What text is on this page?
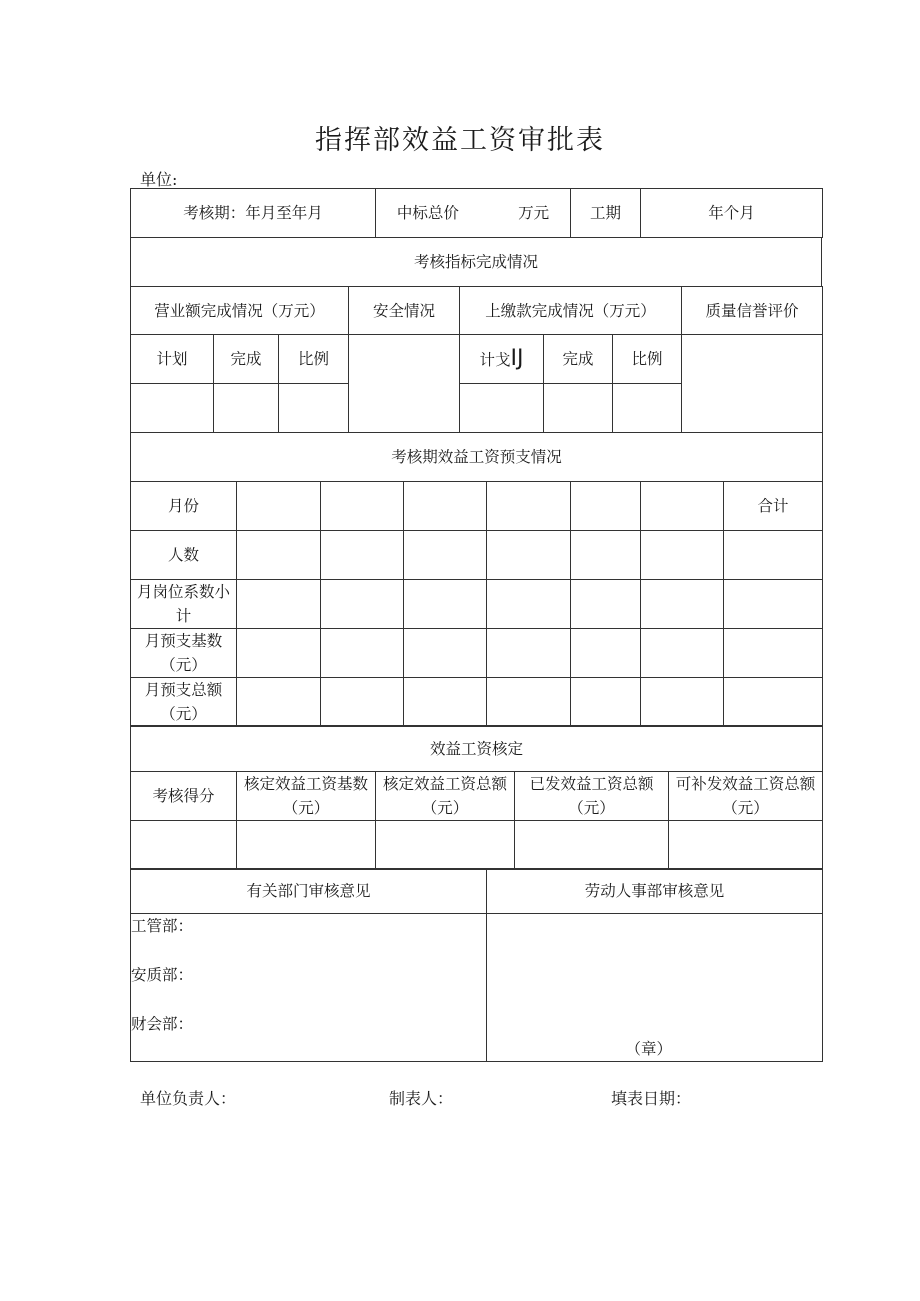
指挥部效益工资审批表
单位:
考核期：年月至年月	中标总价	万元	工期	年个月
考核指标完成情况
营业额完成情况（万元）			安全情况	上缴款完成情况（万元）			质量信誉评价
计划	完成	比例		计戈IJ	完成	比例	

考核期效益工资预支情况							
月份							合计
人数							
月岗位系数小计							
月预支基数（元）							
月预支总额（元）							
效益工资核定				
考核得分	核定效益工资基数（元）	核定效益工资总额（元）	已发效益工资总额（元）	可补发效益工资总额（元）

有关部门审核意见	劳动人事部审核意见

工管部：
安质部：
财会部：	（章）
单位负责人：	制表人：	填表日期：
